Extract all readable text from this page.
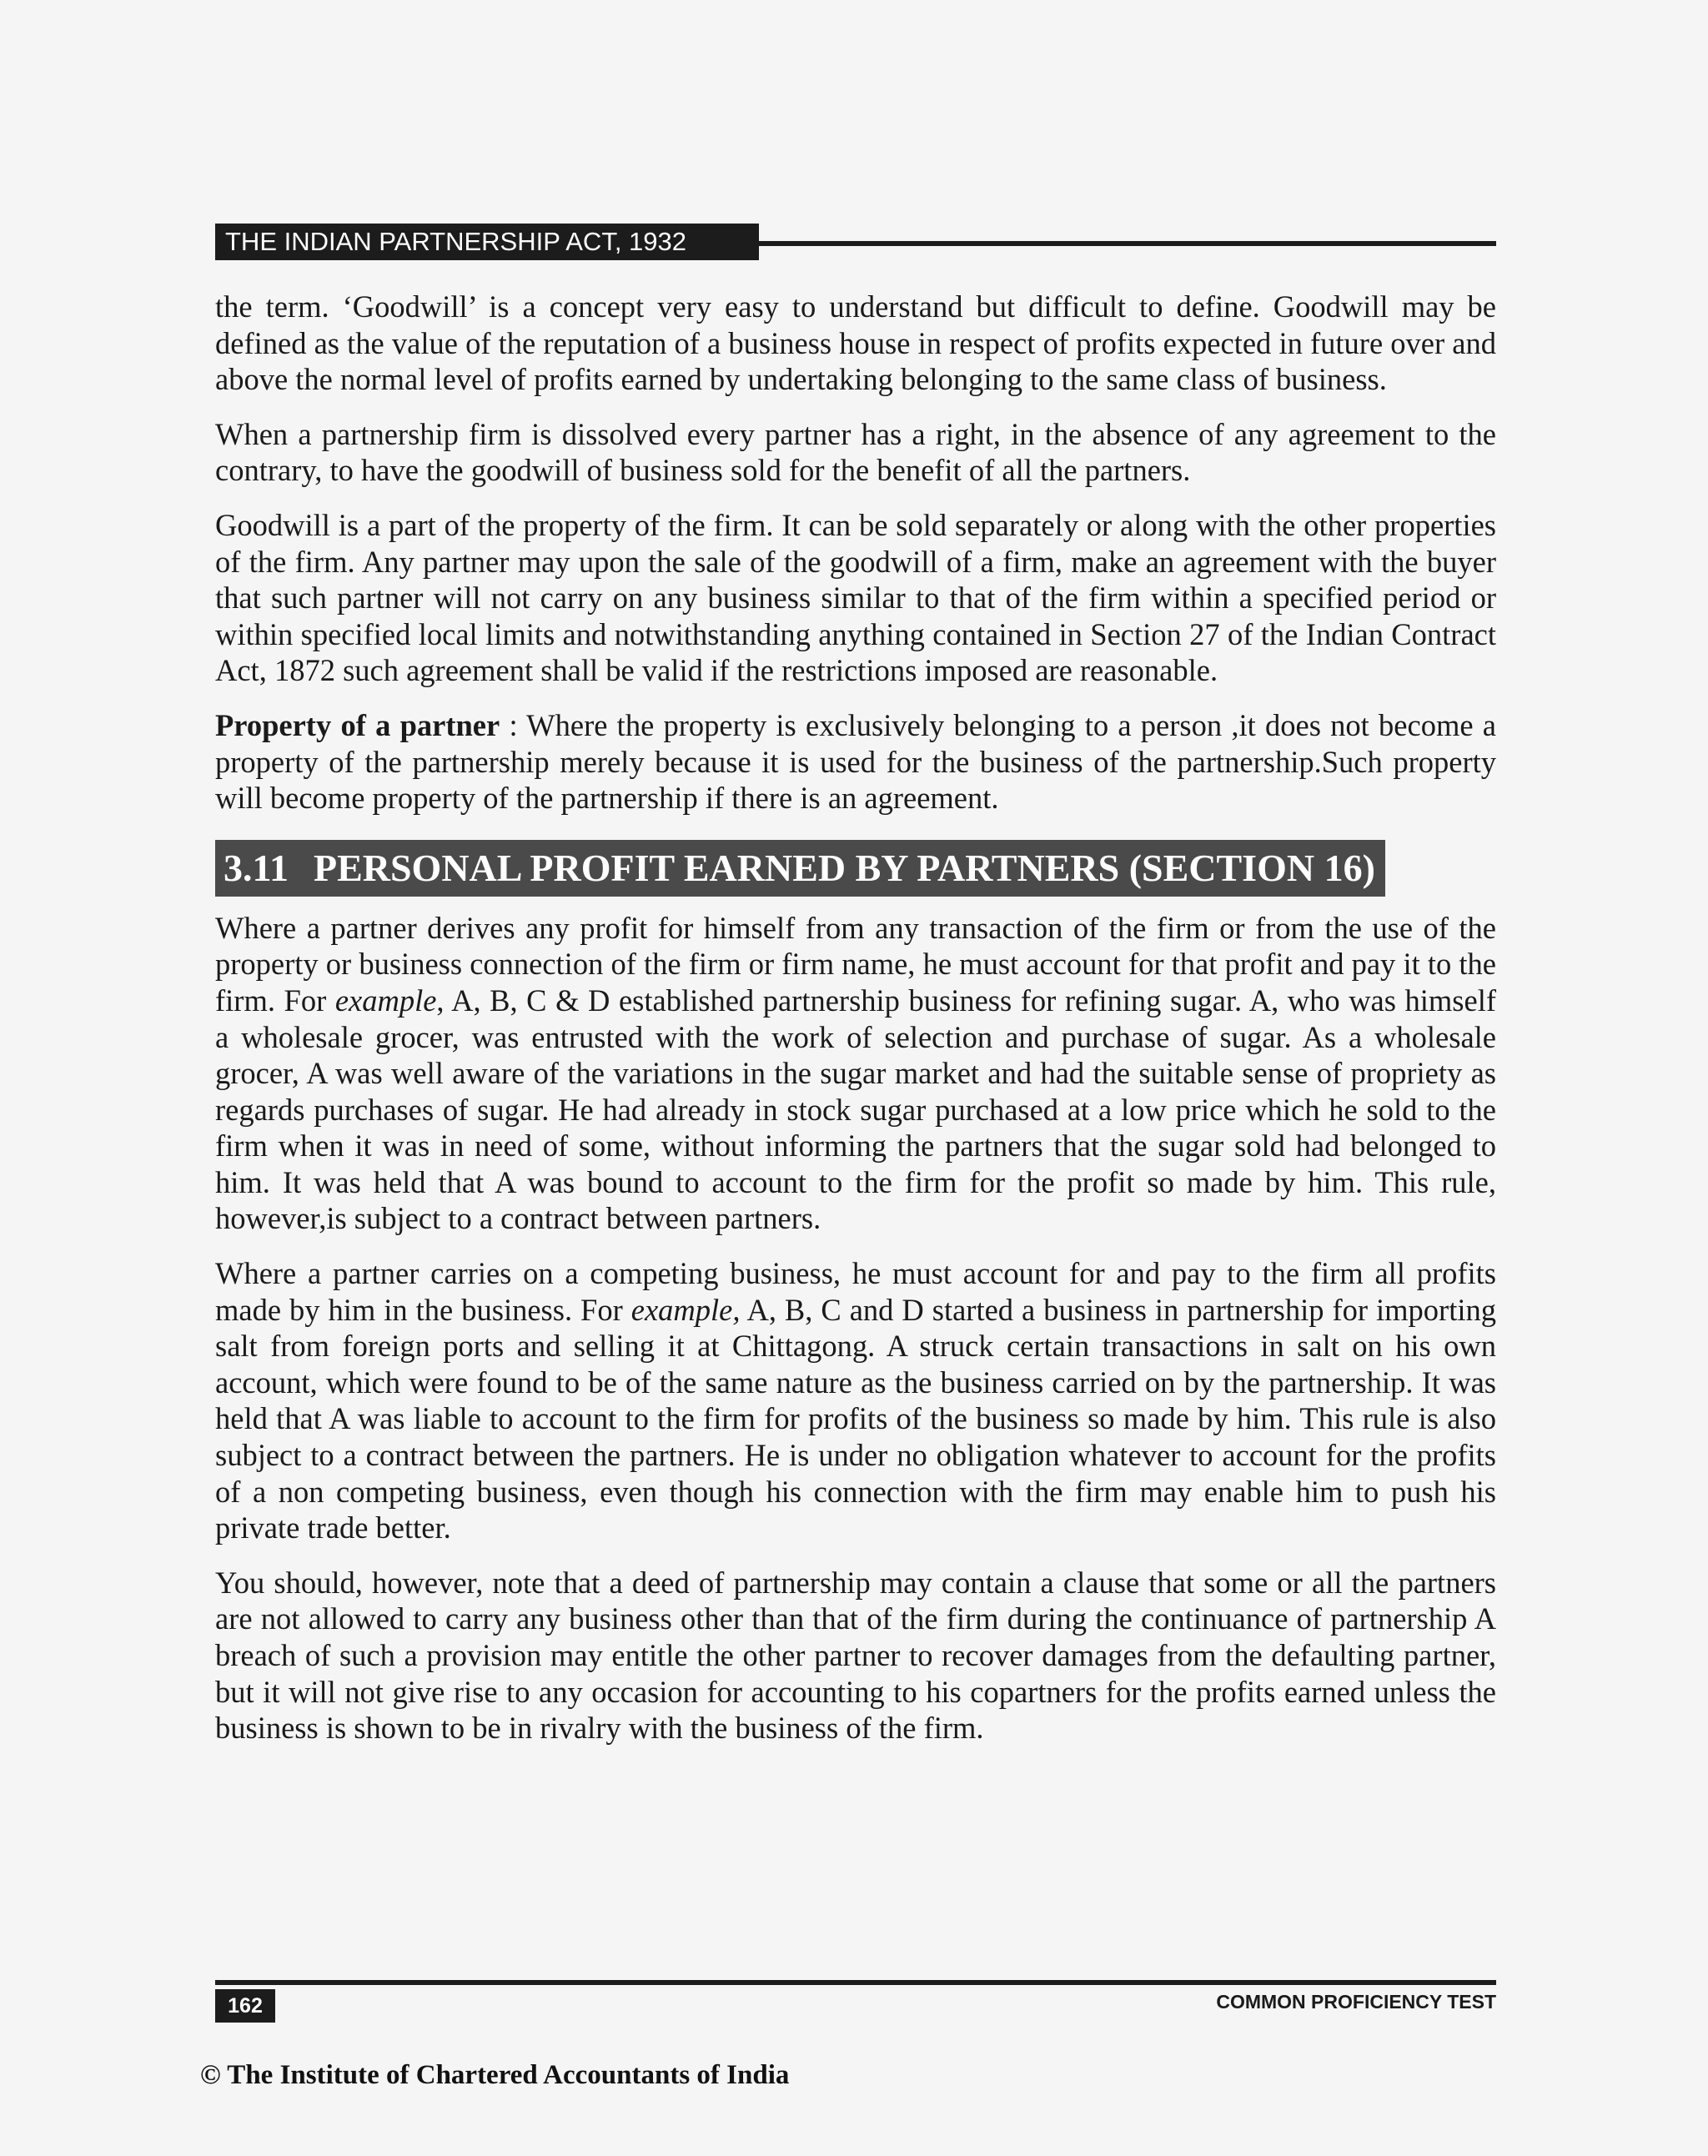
THE INDIAN PARTNERSHIP ACT, 1932

the term. ‘Goodwill’ is a concept very easy to understand but difficult to define. Goodwill may be defined as the value of the reputation of a business house in respect of profits expected in future over and above the normal level of profits earned by undertaking belonging to the same class of business.

When a partnership firm is dissolved every partner has a right, in the absence of any agreement to the contrary, to have the goodwill of business sold for the benefit of all the partners.

Goodwill is a part of the property of the firm. It can be sold separately or along with the other properties of the firm. Any partner may upon the sale of the goodwill of a firm, make an agreement with the buyer that such partner will not carry on any business similar to that of the firm within a specified period or within specified local limits and notwithstanding anything contained in Section 27 of the Indian Contract Act, 1872 such agreement shall be valid if the restrictions imposed are reasonable.

Property of a partner : Where the property is exclusively belonging to a person ,it does not become a property of the partnership merely because it is used for the business of the partnership.Such property will become property of the partnership if there is an agreement.

3.11 PERSONAL PROFIT EARNED BY PARTNERS (SECTION 16)

Where a partner derives any profit for himself from any transaction of the firm or from the use of the property or business connection of the firm or firm name, he must account for that profit and pay it to the firm. For example, A, B, C & D established partnership business for refining sugar. A, who was himself a wholesale grocer, was entrusted with the work of selection and purchase of sugar. As a wholesale grocer, A was well aware of the variations in the sugar market and had the suitable sense of propriety as regards purchases of sugar. He had already in stock sugar purchased at a low price which he sold to the firm when it was in need of some, without informing the partners that the sugar sold had belonged to him. It was held that A was bound to account to the firm for the profit so made by him. This rule, however,is subject to a contract between partners.

Where a partner carries on a competing business, he must account for and pay to the firm all profits made by him in the business. For example, A, B, C and D started a business in partnership for importing salt from foreign ports and selling it at Chittagong. A struck certain transactions in salt on his own account, which were found to be of the same nature as the business carried on by the partnership. It was held that A was liable to account to the firm for profits of the business so made by him. This rule is also subject to a contract between the partners. He is under no obligation whatever to account for the profits of a non competing business, even though his connection with the firm may enable him to push his private trade better.

You should, however, note that a deed of partnership may contain a clause that some or all the partners are not allowed to carry any business other than that of the firm during the continuance of partnership A breach of such a provision may entitle the other partner to recover damages from the defaulting partner, but it will not give rise to any occasion for accounting to his copartners for the profits earned unless the business is shown to be in rivalry with the business of the firm.

162	COMMON PROFICIENCY TEST
© The Institute of Chartered Accountants of India
